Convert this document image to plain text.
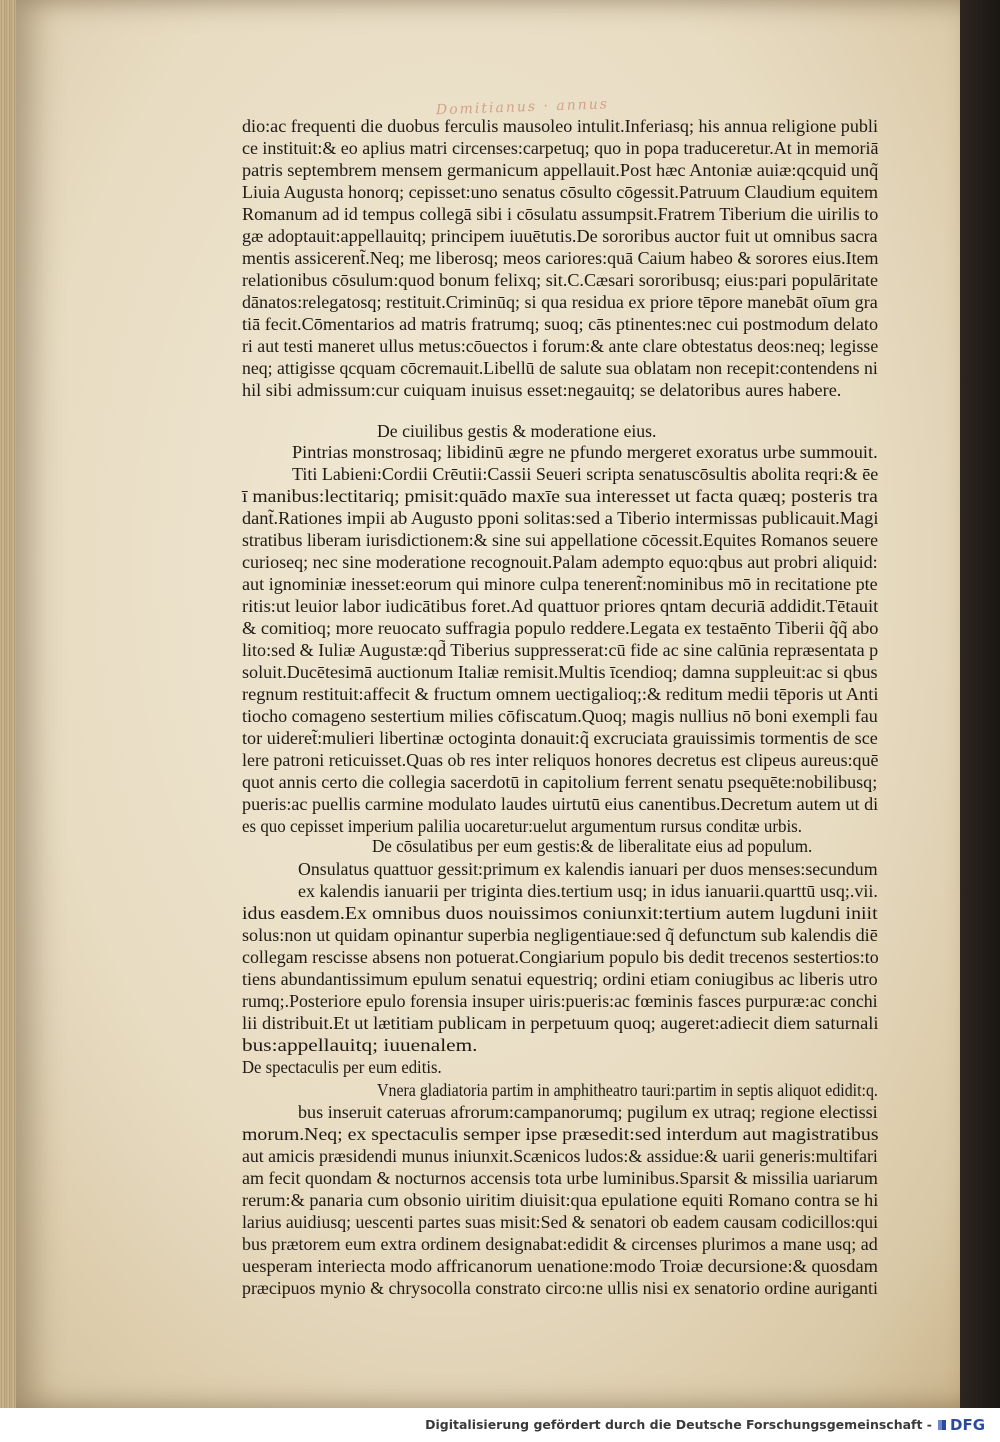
Domitianus · annus
dio:ac frequenti die duobus ferculis mausoleo intulit.Inferiasq; his annua religione publi
ce instituit:& eo aplius matri circenses:carpetuq; quo in popa traduceretur.At in memoriā
patris septembrem mensem germanicum appellauit.Post hæc Antoniæ auiæ:qcquid unq̃
Liuia Augusta honorq; cepisset:uno senatus cōsulto cōgessit.Patruum Claudium equitem
Romanum ad id tempus collegā sibi i cōsulatu assumpsit.Fratrem Tiberium die uirilis to
gæ adoptauit:appellauitq; principem iuuētutis.De sororibus auctor fuit ut omnibus sacra
mentis assicerent̃.Neq; me liberosq; meos cariores:quā Caium habeo & sorores eius.Item
relationibus cōsulum:quod bonum felixq; sit.C.Cæsari sororibusq; eius:pari populāritate
dānatos:relegatosq; restituit.Criminūq; si qua residua ex priore tēpore manebāt oīum gra
tiā fecit.Cōmentarios ad matris fratrumq; suoq; cās ptinentes:nec cui postmodum delato
ri aut testi maneret ullus metus:cōuectos i forum:& ante clare obtestatus deos:neq; legisse
neq; attigisse qcquam cōcremauit.Libellū de salute sua oblatam non recepit:contendens ni
hil sibi admissum:cur cuiquam inuisus esset:negauitq; se delatoribus aures habere.
De ciuilibus gestis & moderatione eius.
Pintrias monstrosaq; libidinū ægre ne pfundo mergeret exoratus urbe summouit.
Titi Labieni:Cordii Crēutii:Cassii Seueri scripta senatuscōsultis abolita reqri:& ēe
ī manibus:lectitariq; pmisit:quādo maxīe sua interesset ut facta quæq; posteris tra
dant̃.Rationes impii ab Augusto pponi solitas:sed a Tiberio intermissas publicauit.Magi
stratibus liberam iurisdictionem:& sine sui appellatione cōcessit.Equites Romanos seuere
curioseq; nec sine moderatione recognouit.Palam adempto equo:qbus aut probri aliquid:
aut ignominiæ inesset:eorum qui minore culpa tenerent̃:nominibus mō in recitatione pte
ritis:ut leuior labor iudicātibus foret.Ad quattuor priores qntam decuriā addidit.Tētauit
& comitioq; more reuocato suffragia populo reddere.Legata ex testaēnto Tiberii q̃q̃ abo
lito:sed & Iuliæ Augustæ:qd̃ Tiberius suppresserat:cū fide ac sine calūnia repræsentata p
soluit.Ducētesimā auctionum Italiæ remisit.Multis īcendioq; damna suppleuit:ac si qbus
regnum restituit:affecit & fructum omnem uectigalioq;:& reditum medii tēporis ut Anti
tiocho comageno sestertium milies cōfiscatum.Quoq; magis nullius nō boni exempli fau
tor uideret̃:mulieri libertinæ octoginta donauit:q̃ excruciata grauissimis tormentis de sce
lere patroni reticuisset.Quas ob res inter reliquos honores decretus est clipeus aureus:quē
quot annis certo die collegia sacerdotū in capitolium ferrent senatu psequēte:nobilibusq;
pueris:ac puellis carmine modulato laudes uirtutū eius canentibus.Decretum autem ut di
es quo cepisset imperium palilia uocaretur:uelut argumentum rursus conditæ urbis.
De cōsulatibus per eum gestis:& de liberalitate eius ad populum.
Onsulatus quattuor gessit:primum ex kalendis ianuari per duos menses:secundum
ex kalendis ianuarii per triginta dies.tertium usq; in idus ianuarii.quarttū usq;.vii.
idus easdem.Ex omnibus duos nouissimos coniunxit:tertium autem lugduni iniit
solus:non ut quidam opinantur superbia negligentiaue:sed q̃ defunctum sub kalendis diē
collegam rescisse absens non potuerat.Congiarium populo bis dedit trecenos sestertios:to
tiens abundantissimum epulum senatui equestriq; ordini etiam coniugibus ac liberis utro
rumq;.Posteriore epulo forensia insuper uiris:pueris:ac fœminis fasces purpuræ:ac conchi
lii distribuit.Et ut lætitiam publicam in perpetuum quoq; augeret:adiecit diem saturnali
bus:appellauitq; iuuenalem.
De spectaculis per eum editis.
Vnera gladiatoria partim in amphitheatro tauri:partim in septis aliquot edidit:q.
bus inseruit cateruas afrorum:campanorumq; pugilum ex utraq; regione electissi
morum.Neq; ex spectaculis semper ipse præsedit:sed interdum aut magistratibus
aut amicis præsidendi munus iniunxit.Scænicos ludos:& assidue:& uarii generis:multifari
am fecit quondam & nocturnos accensis tota urbe luminibus.Sparsit & missilia uariarum
rerum:& panaria cum obsonio uiritim diuisit:qua epulatione equiti Romano contra se hi
larius auidiusq; uescenti partes suas misit:Sed & senatori ob eadem causam codicillos:qui
bus prætorem eum extra ordinem designabat:edidit & circenses plurimos a mane usq; ad
uesperam interiecta modo affricanorum uenatione:modo Troiæ decursione:& quosdam
præcipuos mynio & chrysocolla constrato circo:ne ullis nisi ex senatorio ordine auriganti
Digitalisierung gefördert durch die Deutsche Forschungsgemeinschaft - DFG
